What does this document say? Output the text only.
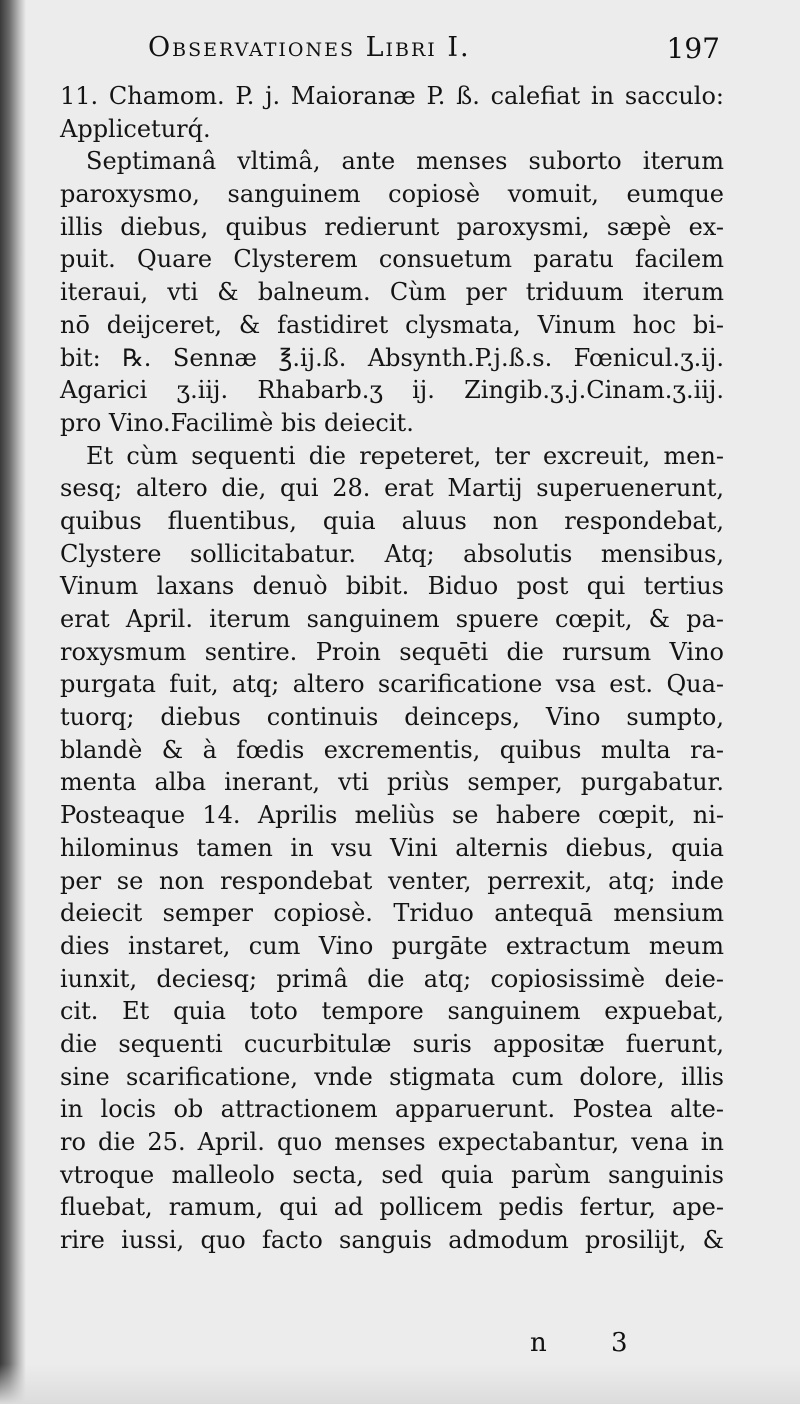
Observationes Libri I.	197
11. Chamom. P. j. Maioranæ P. ß. calefiat in sacculo:
Appliceturq́.
Septimanâ vltimâ, ante menses suborto iterum
paroxysmo, sanguinem copiosè vomuit, eumque
illis diebus, quibus redierunt paroxysmi, sæpè ex-
puit. Quare Clysterem consuetum paratu facilem
iteraui, vti & balneum. Cùm per triduum iterum
nō deijceret, & fastidiret clysmata, Vinum hoc bi-
bit: ℞. Sennæ ℥.ij.ß. Absynth.P.j.ß.s. Fœnicul.ʒ.ij.
Agarici ʒ.iij. Rhabarb.ʒ ij. Zingib.ʒ.j.Cinam.ʒ.iij.
pro Vino.Facilimè bis deiecit.
Et cùm sequenti die repeteret, ter excreuit, men-
sesq; altero die, qui 28. erat Martij superuenerunt,
quibus fluentibus, quia aluus non respondebat,
Clystere sollicitabatur. Atq; absolutis mensibus,
Vinum laxans denuò bibit. Biduo post qui tertius
erat April. iterum sanguinem spuere cœpit, & pa-
roxysmum sentire. Proin sequēti die rursum Vino
purgata fuit, atq; altero scarificatione vsa est. Qua-
tuorq; diebus continuis deinceps, Vino sumpto,
blandè & à fœdis excrementis, quibus multa ra-
menta alba inerant, vti priùs semper, purgabatur.
Posteaque 14. Aprilis meliùs se habere cœpit, ni-
hilominus tamen in vsu Vini alternis diebus, quia
per se non respondebat venter, perrexit, atq; inde
deiecit semper copiosè. Triduo antequā mensium
dies instaret, cum Vino purgāte extractum meum
iunxit, deciesq; primâ die atq; copiosissimè deie-
cit. Et quia toto tempore sanguinem expuebat,
die sequenti cucurbitulæ suris appositæ fuerunt,
sine scarificatione, vnde stigmata cum dolore, illis
in locis ob attractionem apparuerunt. Postea alte-
ro die 25. April. quo menses expectabantur, vena in
vtroque malleolo secta, sed quia parùm sanguinis
fluebat, ramum, qui ad pollicem pedis fertur, ape-
rire iussi, quo facto sanguis admodum prosilijt, &
n 3
